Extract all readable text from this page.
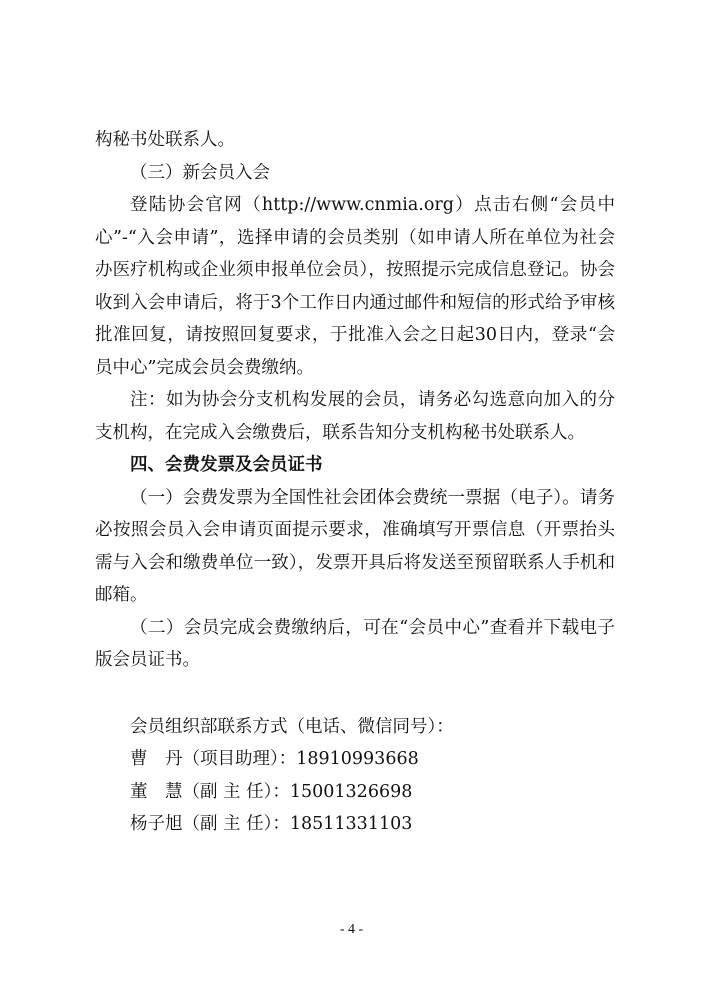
构秘书处联系人。

（三）新会员入会

登陆协会官网（http://www.cnmia.org）点击右侧“会员中心”-“入会申请”，选择申请的会员类别（如申请人所在单位为社会办医疗机构或企业须申报单位会员），按照提示完成信息登记。协会收到入会申请后，将于3个工作日内通过邮件和短信的形式给予审核批准回复，请按照回复要求，于批准入会之日起30日内，登录“会员中心”完成会员会费缴纳。

注：如为协会分支机构发展的会员，请务必勾选意向加入的分支机构，在完成入会缴费后，联系告知分支机构秘书处联系人。

四、会费发票及会员证书

（一）会费发票为全国性社会团体会费统一票据（电子）。请务必按照会员入会申请页面提示要求，准确填写开票信息（开票抬头需与入会和缴费单位一致），发票开具后将发送至预留联系人手机和邮箱。

（二）会员完成会费缴纳后，可在“会员中心”查看并下载电子版会员证书。

会员组织部联系方式（电话、微信同号）：

曹　丹（项目助理）：18910993668

董　慧（副 主 任）：15001326698

杨子旭（副 主 任）：18511331103

- 4 -
